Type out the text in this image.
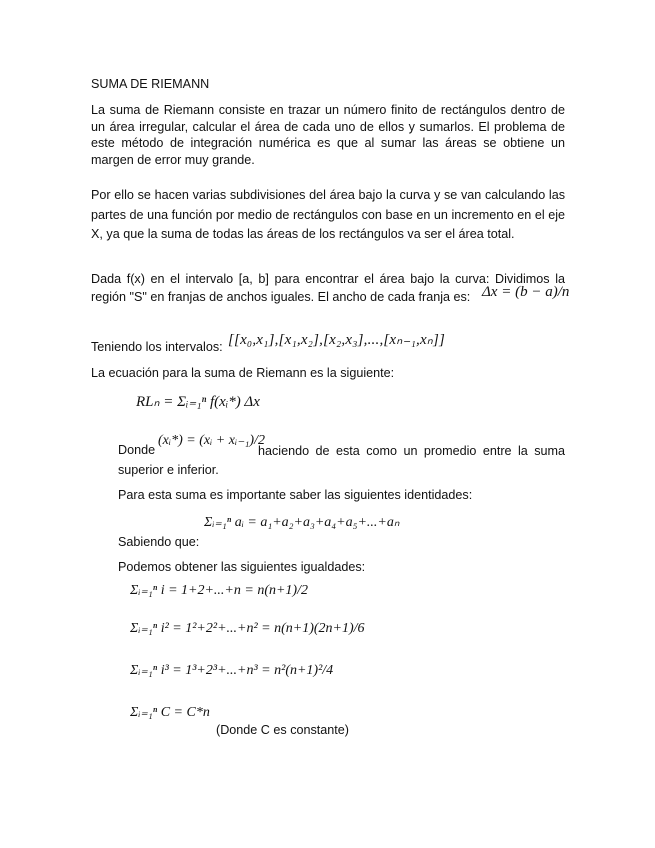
SUMA DE RIEMANN
La suma de Riemann consiste en trazar un número finito de rectángulos dentro de un área irregular, calcular el área de cada uno de ellos y sumarlos. El problema de este método de integración numérica es que al sumar las áreas se obtiene un margen de error muy grande.
Por ello se hacen varias subdivisiones del área bajo la curva y se van calculando las partes de una función por medio de rectángulos con base en un incremento en el eje X, ya que la suma de todas las áreas de los rectángulos va ser el área total.
Dada f(x) en el intervalo [a, b] para encontrar el área bajo la curva: Dividimos la región "S" en franjas de anchos iguales. El ancho de cada franja es: Δx = (b − a)/n
Teniendo los intervalos: [[x₀,x₁],[x₁,x₂],[x₂,x₃],...,[xₙ₋₁,xₙ]]
La ecuación para la suma de Riemann es la siguiente:
RLₙ = Σᵢ₌₁ⁿ f(xᵢ*) Δx
Donde
(xᵢ*) = (xᵢ + xᵢ₋₁)/2
haciendo de esta como un promedio entre la suma superior e inferior.
Para esta suma es importante saber las siguientes identidades:
Sabiendo que:
Σᵢ₌₁ⁿ aᵢ = a₁+a₂+a₃+a₄+a₅+...+aₙ
Podemos obtener las siguientes igualdades:
Σᵢ₌₁ⁿ i = 1+2+...+n = n(n+1)/2
Σᵢ₌₁ⁿ i² = 1²+2²+...+n² = n(n+1)(2n+1)/6
Σᵢ₌₁ⁿ i³ = 1³+2³+...+n³ = n²(n+1)²/4
Σᵢ₌₁ⁿ C = C*n
(Donde C es constante)
